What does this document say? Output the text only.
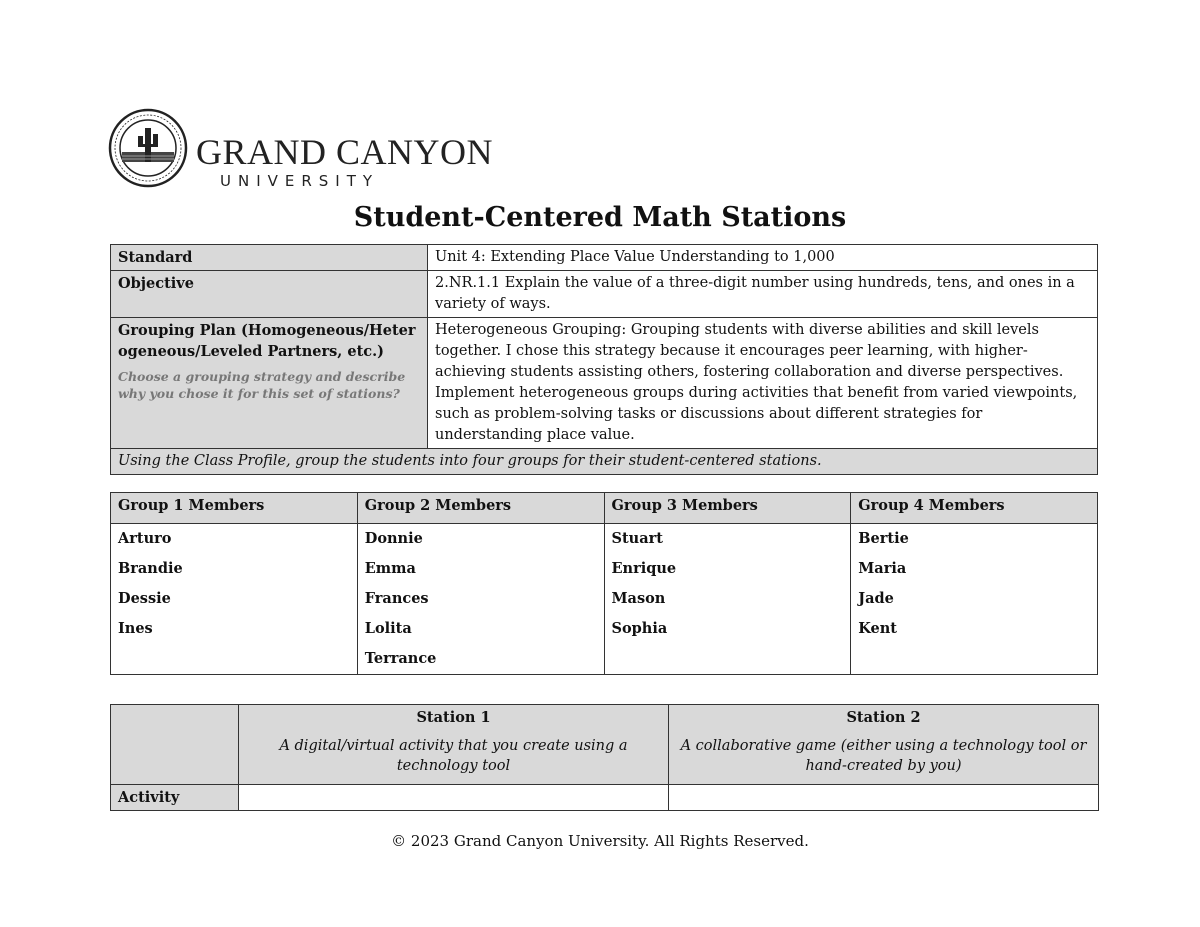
GRAND CANYON
UNIVERSITY
Student-Centered Math Stations
Standard	Unit 4: Extending Place Value Understanding to 1,000
Objective	2.NR.1.1 Explain the value of a three-digit number using hundreds, tens, and ones in a variety of ways.

Grouping Plan (Homogeneous/Heterogeneous/Leveled Partners, etc.)
Choose a grouping strategy and describe why you chose it for this set of stations?	Heterogeneous Grouping: Grouping students with diverse abilities and skill levels together. I chose this strategy because it encourages peer learning, with higher-achieving students assisting others, fostering collaboration and diverse perspectives. Implement heterogeneous groups during activities that benefit from varied viewpoints, such as problem-solving tasks or discussions about different strategies for understanding place value.
Using the Class Profile, group the students into four groups for their student-centered stations.	
Group 1 Members	Group 2 Members	Group 3 Members	Group 4 Members
Arturo	Donnie	Stuart	Bertie
Brandie	Emma	Enrique	Maria
Dessie	Frances	Mason	Jade
Ines	Lolita	Sophia	Kent
	Terrance		
	Station 1	Station 2
	A digital/virtual activity that you create using a technology tool	A collaborative game (either using a technology tool or hand-created by you)
Activity		
© 2023 Grand Canyon University. All Rights Reserved.
